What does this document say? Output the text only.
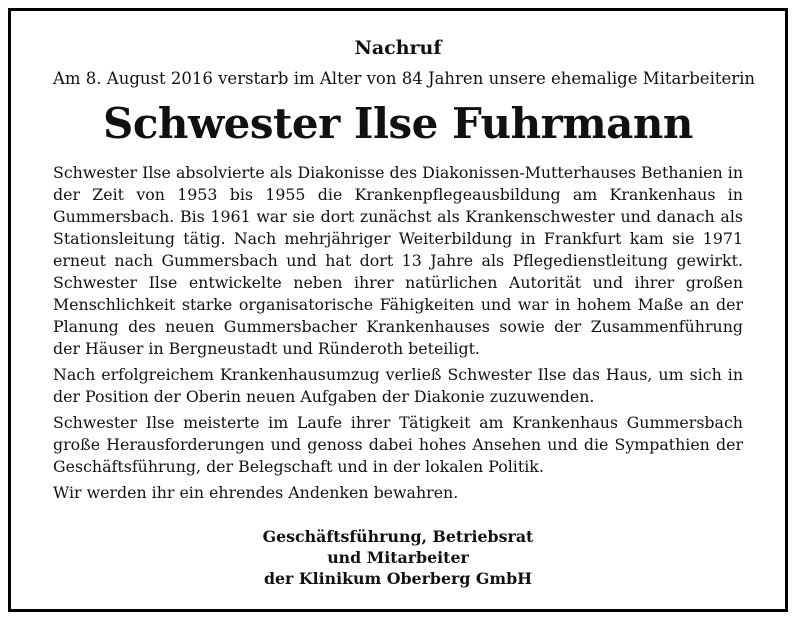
Nachruf

Am 8. August 2016 verstarb im Alter von 84 Jahren unsere ehemalige Mitarbeiterin

Schwester Ilse Fuhrmann

Schwester Ilse absolvierte als Diakonisse des Diakonissen-Mutterhauses Bethanien in der Zeit von 1953 bis 1955 die Krankenpflegeausbildung am Krankenhaus in Gummersbach. Bis 1961 war sie dort zunächst als Krankenschwester und danach als Stationsleitung tätig. Nach mehrjähriger Weiterbildung in Frankfurt kam sie 1971 erneut nach Gummersbach und hat dort 13 Jahre als Pflegedienstleitung gewirkt. Schwester Ilse entwickelte neben ihrer natürlichen Autorität und ihrer großen Menschlichkeit starke organisatorische Fähigkeiten und war in hohem Maße an der Planung des neuen Gummersbacher Krankenhauses sowie der Zusammenführung der Häuser in Bergneustadt und Ründeroth beteiligt.

Nach erfolgreichem Krankenhausumzug verließ Schwester Ilse das Haus, um sich in der Position der Oberin neuen Aufgaben der Diakonie zuzuwenden.

Schwester Ilse meisterte im Laufe ihrer Tätigkeit am Krankenhaus Gummersbach große Herausforderungen und genoss dabei hohes Ansehen und die Sympathien der Geschäftsführung, der Belegschaft und in der lokalen Politik.

Wir werden ihr ein ehrendes Andenken bewahren.

Geschäftsführung, Betriebsrat
und Mitarbeiter
der Klinikum Oberberg GmbH
